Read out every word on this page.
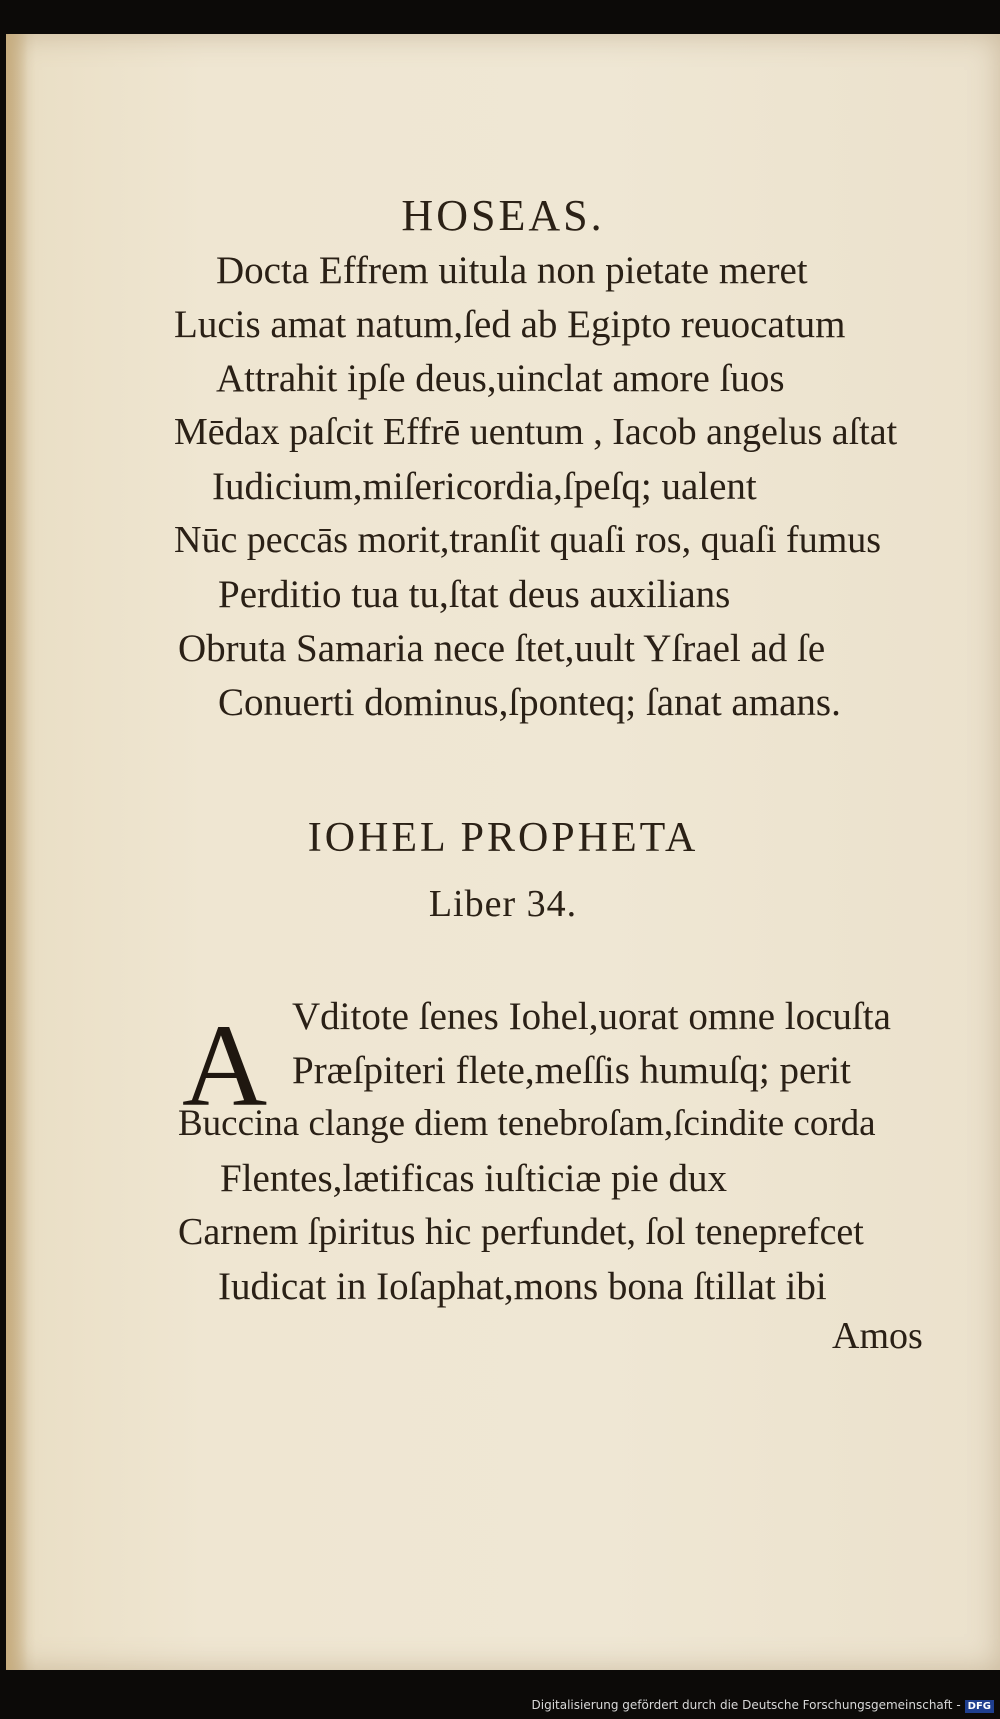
HOSEAS.
Docta Effrem uitula non pietate meret
Lucis amat natum,ſed ab Egipto reuocatum
Attrahit ipſe deus,uinclat amore ſuos
Mēdax paſcit Effrē uentum , Iacob angelus aſtat
Iudicium,miſericordia,ſpeſq; ualent
Nūc peccās morit,tranſit quaſi ros, quaſi fumus
Perditio tua tu,ſtat deus auxilians
Obruta Samaria nece ſtet,uult Yſrael ad ſe
Conuerti dominus,ſponteq; ſanat amans.
IOHEL PROPHETA
Liber 34.
A Vditote ſenes Iohel,uorat omne locuſta
Præſpiteri flete,meſſis humuſq; perit
Buccina clange diem tenebroſam,ſcindite corda
Flentes,lætificas iuſticiæ pie dux
Carnem ſpiritus hic perfundet, ſol teneprefcet
Iudicat in Ioſaphat,mons bona ſtillat ibi
Amos
Digitalisierung gefördert durch die Deutsche Forschungsgemeinschaft - DFG
